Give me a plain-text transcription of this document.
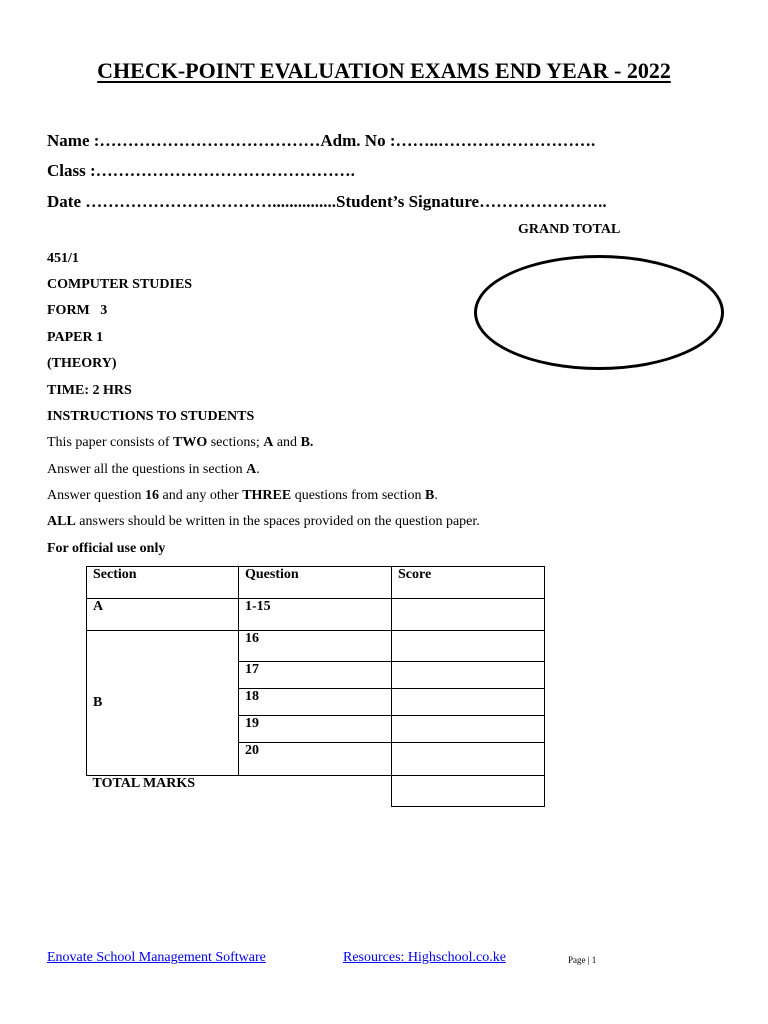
CHECK-POINT EVALUATION EXAMS END YEAR - 2022
Name :…………………………………Adm. No :……..……………………….
Class :……………………………………….
Date ……………………………...............Student’s Signature…………………..
GRAND TOTAL
451/1
COMPUTER STUDIES
FORM   3
PAPER 1
(THEORY)
TIME: 2 HRS
INSTRUCTIONS TO STUDENTS
This paper consists of TWO sections; A and B.
Answer all the questions in section A.
Answer question 16 and any other THREE questions from section B.
ALL answers should be written in the spaces provided on the question paper.
For official use only
Section	Question	Score
A	1-15	
B	16	
	17	
	18	
	19	
	20	
TOTAL MARKS		
Enovate School Management Software	Resources: Highschool.co.ke	Page | 1
